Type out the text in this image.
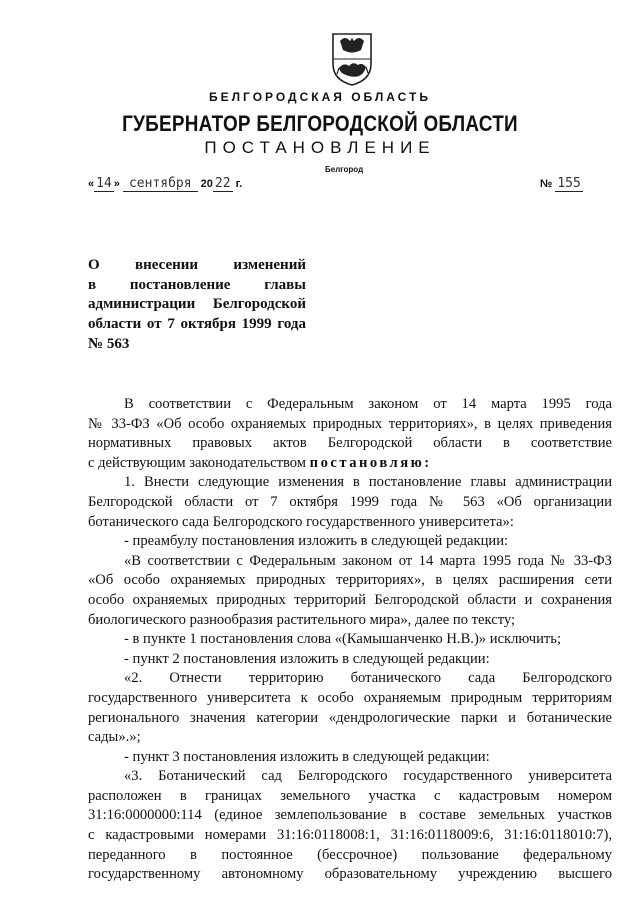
БЕЛГОРОДСКАЯ ОБЛАСТЬ
ГУБЕРНАТОР БЕЛГОРОДСКОЙ ОБЛАСТИ
ПОСТАНОВЛЕНИЕ
Белгород
« 14 » сентября 20 22 г.	№ 155
О внесении изменений
в постановление главы
администрации Белгородской
области от 7 октября 1999 года
№ 563
В соответствии с Федеральным законом от 14 марта 1995 года
№ 33-ФЗ «Об особо охраняемых природных территориях», в целях приведения
нормативных правовых актов Белгородской области в соответствие
с действующим законодательством постановляю:
1. Внести следующие изменения в постановление главы администрации
Белгородской области от 7 октября 1999 года № 563 «Об организации
ботанического сада Белгородского государственного университета»:
- преамбулу постановления изложить в следующей редакции:
«В соответствии с Федеральным законом от 14 марта 1995 года № 33-ФЗ
«Об особо охраняемых природных территориях», в целях расширения сети
особо охраняемых природных территорий Белгородской области и сохранения
биологического разнообразия растительного мира», далее по тексту;
- в пункте 1 постановления слова «(Камышанченко Н.В.)» исключить;
- пункт 2 постановления изложить в следующей редакции:
«2. Отнести территорию ботанического сада Белгородского
государственного университета к особо охраняемым природным территориям
регионального значения категории «дендрологические парки и ботанические
сады».»;
- пункт 3 постановления изложить в следующей редакции:
«3. Ботанический сад Белгородского государственного университета
расположен в границах земельного участка с кадастровым номером
31:16:0000000:114 (единое землепользование в составе земельных участков
с кадастровыми номерами 31:16:0118008:1, 31:16:0118009:6, 31:16:0118010:7),
переданного в постоянное (бессрочное) пользование федеральному
государственному автономному образовательному учреждению высшего
